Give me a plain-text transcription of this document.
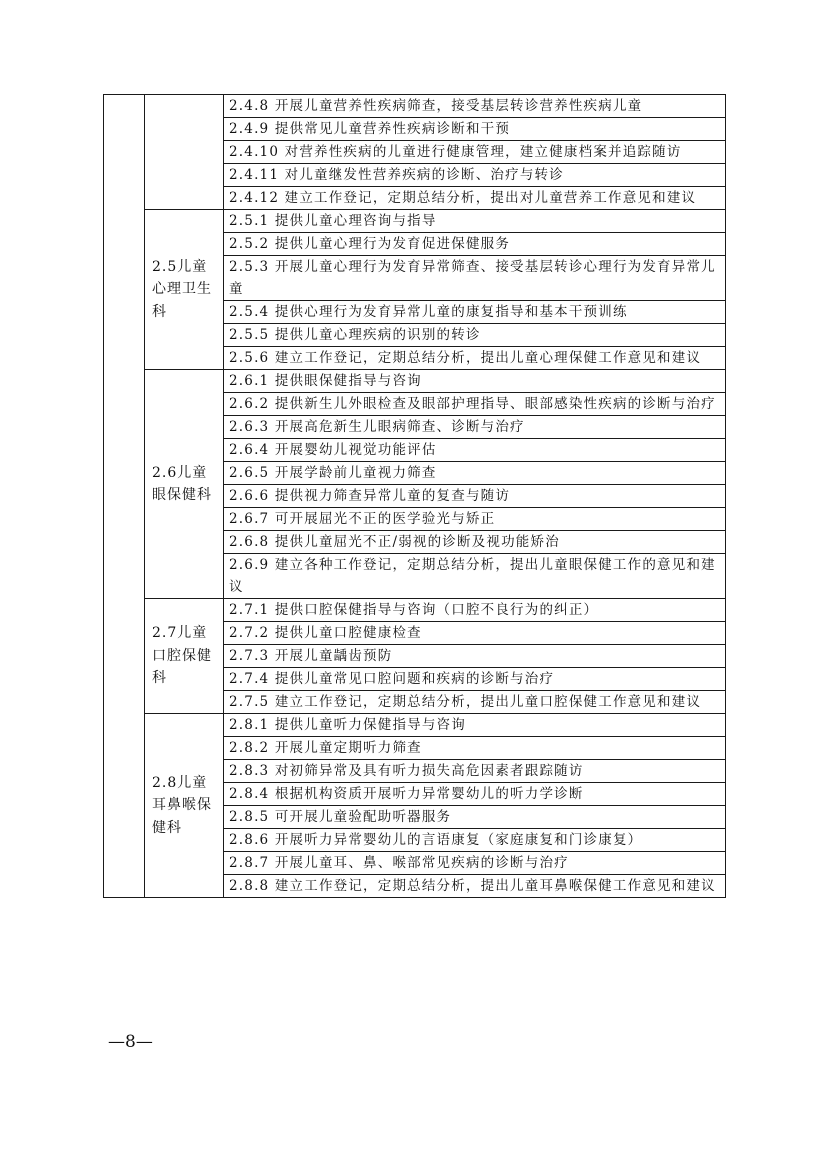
		2.4.8 开展儿童营养性疾病筛查，接受基层转诊营养性疾病儿童

		2.4.9 提供常见儿童营养性疾病诊断和干预

		2.4.10 对营养性疾病的儿童进行健康管理，建立健康档案并追踪随访

		2.4.11 对儿童继发性营养疾病的诊断、治疗与转诊

		2.4.12 建立工作登记，定期总结分析，提出对儿童营养工作意见和建议

	2.5儿童心理卫生科	2.5.1 提供儿童心理咨询与指导

		2.5.2 提供儿童心理行为发育促进保健服务

		2.5.3 开展儿童心理行为发育异常筛查、接受基层转诊心理行为发育异常儿童

		2.5.4 提供心理行为发育异常儿童的康复指导和基本干预训练

		2.5.5 提供儿童心理疾病的识别的转诊

		2.5.6 建立工作登记，定期总结分析，提出儿童心理保健工作意见和建议

	2.6儿童眼保健科	2.6.1 提供眼保健指导与咨询

		2.6.2 提供新生儿外眼检查及眼部护理指导、眼部感染性疾病的诊断与治疗

		2.6.3 开展高危新生儿眼病筛查、诊断与治疗

		2.6.4 开展婴幼儿视觉功能评估

		2.6.5 开展学龄前儿童视力筛查

		2.6.6 提供视力筛查异常儿童的复查与随访

		2.6.7 可开展屈光不正的医学验光与矫正

		2.6.8 提供儿童屈光不正/弱视的诊断及视功能矫治

		2.6.9 建立各种工作登记，定期总结分析，提出儿童眼保健工作的意见和建议

	2.7儿童口腔保健科	2.7.1 提供口腔保健指导与咨询（口腔不良行为的纠正）

		2.7.2 提供儿童口腔健康检查

		2.7.3 开展儿童龋齿预防

		2.7.4 提供儿童常见口腔问题和疾病的诊断与治疗

		2.7.5 建立工作登记，定期总结分析，提出儿童口腔保健工作意见和建议

	2.8儿童耳鼻喉保健科	2.8.1 提供儿童听力保健指导与咨询

		2.8.2 开展儿童定期听力筛查

		2.8.3 对初筛异常及具有听力损失高危因素者跟踪随访

		2.8.4 根据机构资质开展听力异常婴幼儿的听力学诊断

		2.8.5 可开展儿童验配助听器服务

		2.8.6 开展听力异常婴幼儿的言语康复（家庭康复和门诊康复）

		2.8.7 开展儿童耳、鼻、喉部常见疾病的诊断与治疗

		2.8.8 建立工作登记，定期总结分析，提出儿童耳鼻喉保健工作意见和建议
—8—
